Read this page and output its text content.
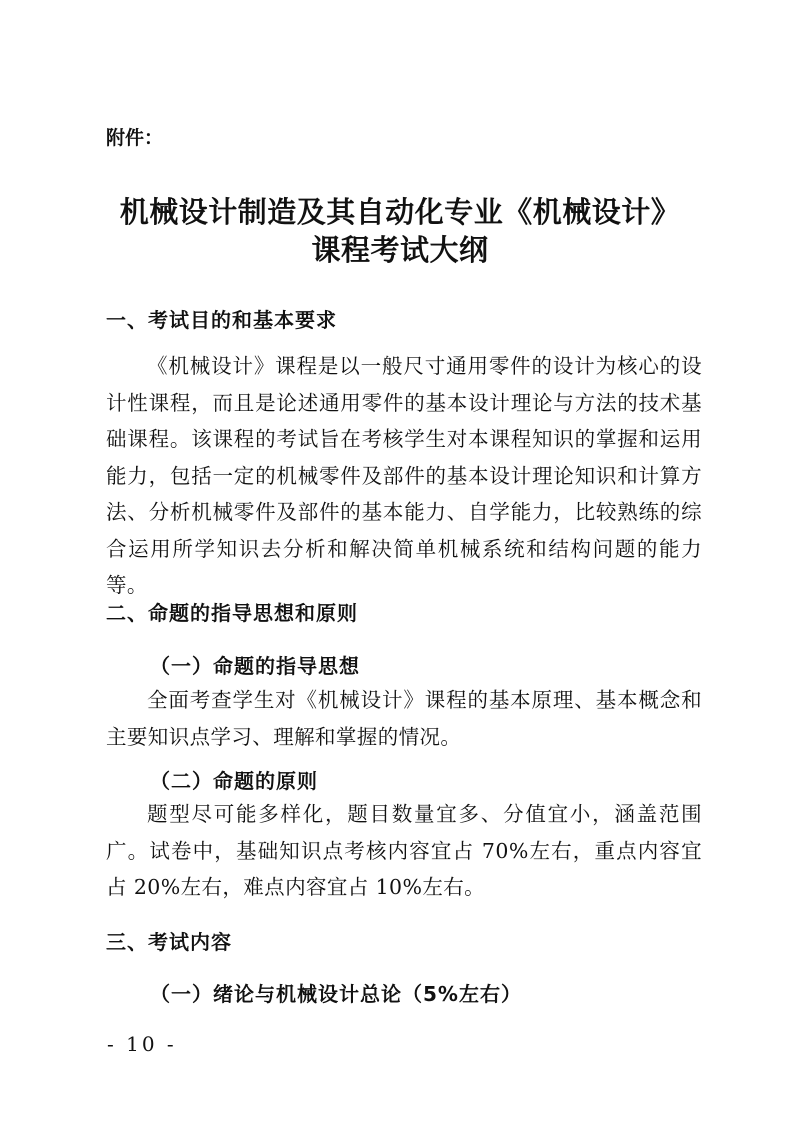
附件：
机械设计制造及其自动化专业《机械设计》
课程考试大纲
一、考试目的和基本要求
《机械设计》课程是以一般尺寸通用零件的设计为核心的设计性课程，而且是论述通用零件的基本设计理论与方法的技术基础课程。该课程的考试旨在考核学生对本课程知识的掌握和运用能力，包括一定的机械零件及部件的基本设计理论知识和计算方法、分析机械零件及部件的基本能力、自学能力，比较熟练的综合运用所学知识去分析和解决简单机械系统和结构问题的能力等。
二、命题的指导思想和原则
（一）命题的指导思想
全面考查学生对《机械设计》课程的基本原理、基本概念和主要知识点学习、理解和掌握的情况。
（二）命题的原则
题型尽可能多样化，题目数量宜多、分值宜小，涵盖范围广。试卷中，基础知识点考核内容宜占 70%左右，重点内容宜占 20%左右，难点内容宜占 10%左右。
三、考试内容
（一）绪论与机械设计总论（5%左右）
- 10 -
